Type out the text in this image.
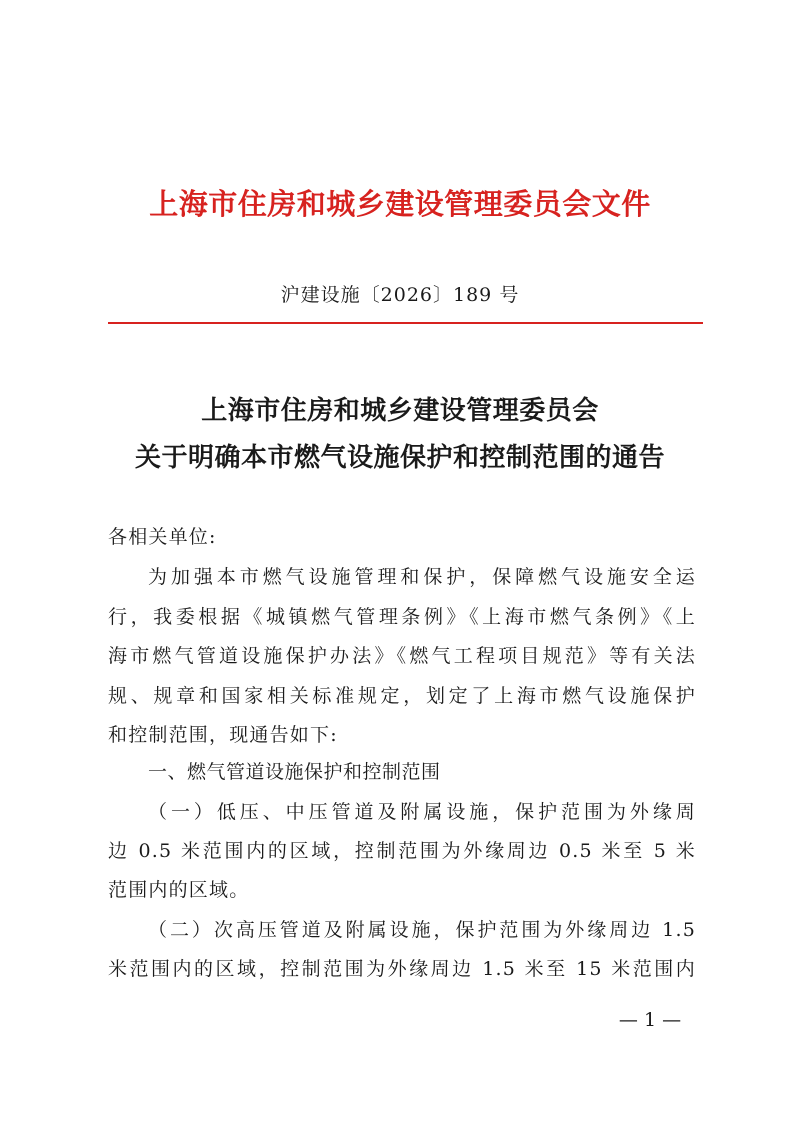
上海市住房和城乡建设管理委员会文件
沪建设施〔2026〕189 号
上海市住房和城乡建设管理委员会
关于明确本市燃气设施保护和控制范围的通告
各相关单位:
为加强本市燃气设施管理和保护，保障燃气设施安全运
行，我委根据《城镇燃气管理条例》《上海市燃气条例》《上
海市燃气管道设施保护办法》《燃气工程项目规范》等有关法
规、规章和国家相关标准规定，划定了上海市燃气设施保护
和控制范围，现通告如下:
一、燃气管道设施保护和控制范围
（一）低压、中压管道及附属设施，保护范围为外缘周
边 0.5 米范围内的区域，控制范围为外缘周边 0.5 米至 5 米
范围内的区域。
（二）次高压管道及附属设施，保护范围为外缘周边 1.5
米范围内的区域，控制范围为外缘周边 1.5 米至 15 米范围内
— 1 —
